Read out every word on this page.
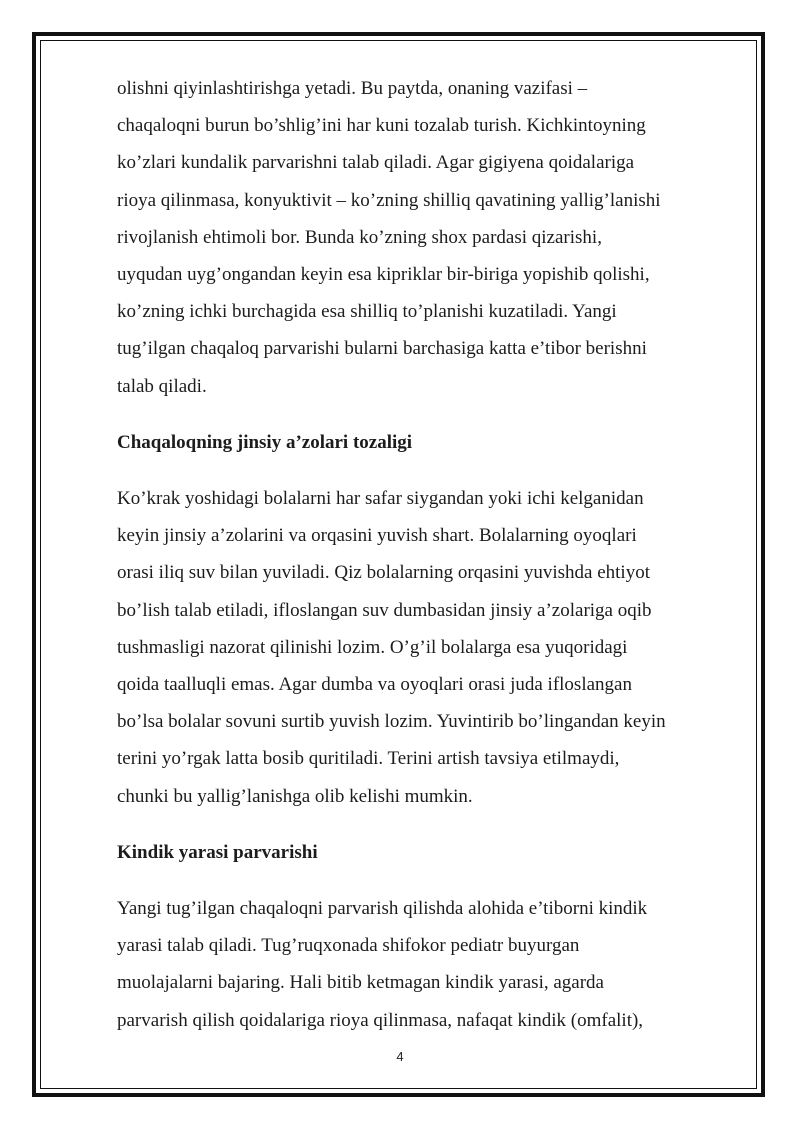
olishni qiyinlashtirishga yetadi. Bu paytda, onaning vazifasi –
chaqaloqni burun bo’shlig’ini har kuni tozalab turish. Kichkintoyning
ko’zlari kundalik parvarishni talab qiladi. Agar gigiyena qoidalariga
rioya qilinmasa, konyuktivit – ko’zning shilliq qavatining yallig’lanishi
rivojlanish ehtimoli bor. Bunda ko’zning shox pardasi qizarishi,
uyqudan uyg’ongandan keyin esa kipriklar bir-biriga yopishib qolishi,
ko’zning ichki burchagida esa shilliq to’planishi kuzatiladi. Yangi
tug’ilgan chaqaloq parvarishi bularni barchasiga katta e’tibor berishni
talab qiladi.

Chaqaloqning jinsiy a’zolari tozaligi

Ko’krak yoshidagi bolalarni har safar siygandan yoki ichi kelganidan
keyin jinsiy a’zolarini va orqasini yuvish shart. Bolalarning oyoqlari
orasi iliq suv bilan yuviladi. Qiz bolalarning orqasini yuvishda ehtiyot
bo’lish talab etiladi, ifloslangan suv dumbasidan jinsiy a’zolariga oqib
tushmasligi nazorat qilinishi lozim. O’g’il bolalarga esa yuqoridagi
qoida taalluqli emas. Agar dumba va oyoqlari orasi juda ifloslangan
bo’lsa bolalar sovuni surtib yuvish lozim. Yuvintirib bo’lingandan keyin
terini yo’rgak latta bosib quritiladi. Terini artish tavsiya etilmaydi,
chunki bu yallig’lanishga olib kelishi mumkin.

Kindik yarasi parvarishi

Yangi tug’ilgan chaqaloqni parvarish qilishda alohida e’tiborni kindik
yarasi talab qiladi. Tug’ruqxonada shifokor pediatr buyurgan
muolajalarni bajaring. Hali bitib ketmagan kindik yarasi, agarda
parvarish qilish qoidalariga rioya qilinmasa, nafaqat kindik (omfalit),

4
